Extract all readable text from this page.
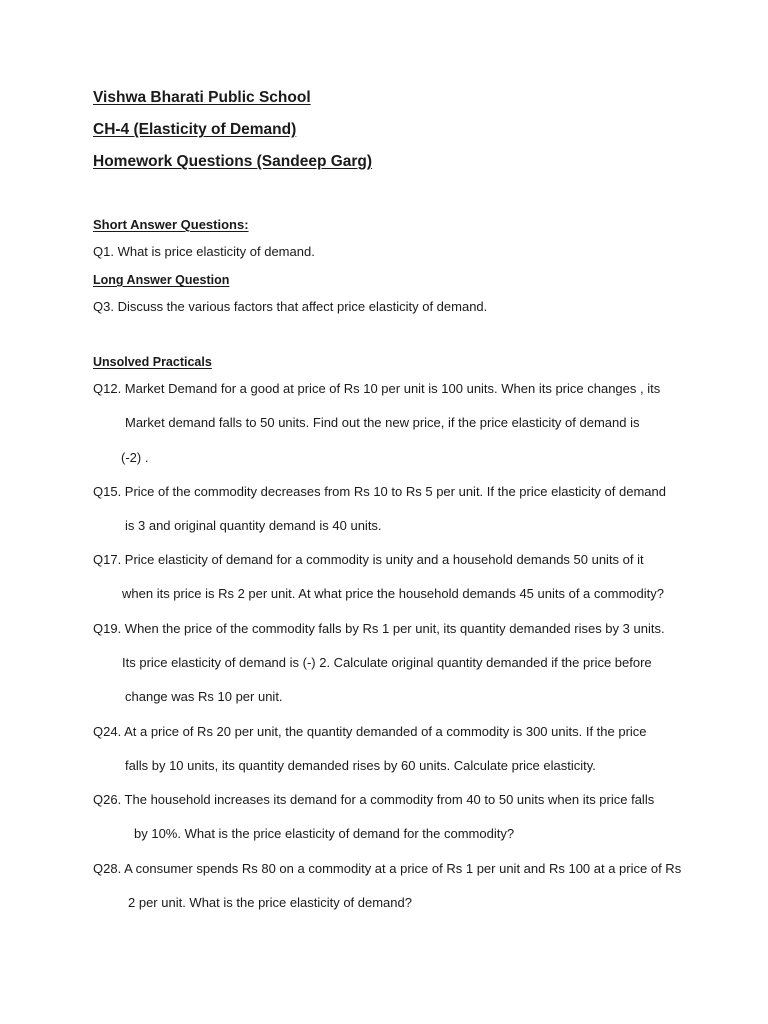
Vishwa Bharati Public School
CH-4 (Elasticity of Demand)
Homework Questions (Sandeep Garg)
Short Answer Questions:
Q1. What is price elasticity of demand.
Long Answer Question
Q3. Discuss the various factors that affect price elasticity of demand.
Unsolved Practicals
Q12. Market Demand for a good at price of Rs 10 per unit is 100 units. When its price changes , its
Market demand falls to 50 units. Find out the new price, if the price elasticity of demand is
(-2) .
Q15. Price of the commodity decreases from Rs 10 to Rs 5 per unit. If the price elasticity of demand
is 3 and original quantity demand is 40 units.
Q17. Price elasticity of demand for a commodity is unity and a household demands 50 units of it
when its price is Rs 2 per unit. At what price the household demands 45 units of a commodity?
Q19. When the price of the commodity falls by Rs 1 per unit, its quantity demanded rises by 3 units.
Its price elasticity of demand is (-) 2. Calculate original quantity demanded if the price before
change was Rs 10 per unit.
Q24. At a price of Rs 20 per unit, the quantity demanded of a commodity is 300 units. If the price
falls by 10 units, its quantity demanded rises by 60 units. Calculate price elasticity.
Q26. The household increases its demand for a commodity from 40 to 50 units when its price falls
by 10%. What is the price elasticity of demand for the commodity?
Q28. A consumer spends Rs 80 on a commodity at a price of Rs 1 per unit and Rs 100 at a price of Rs
2 per unit. What is the price elasticity of demand?
